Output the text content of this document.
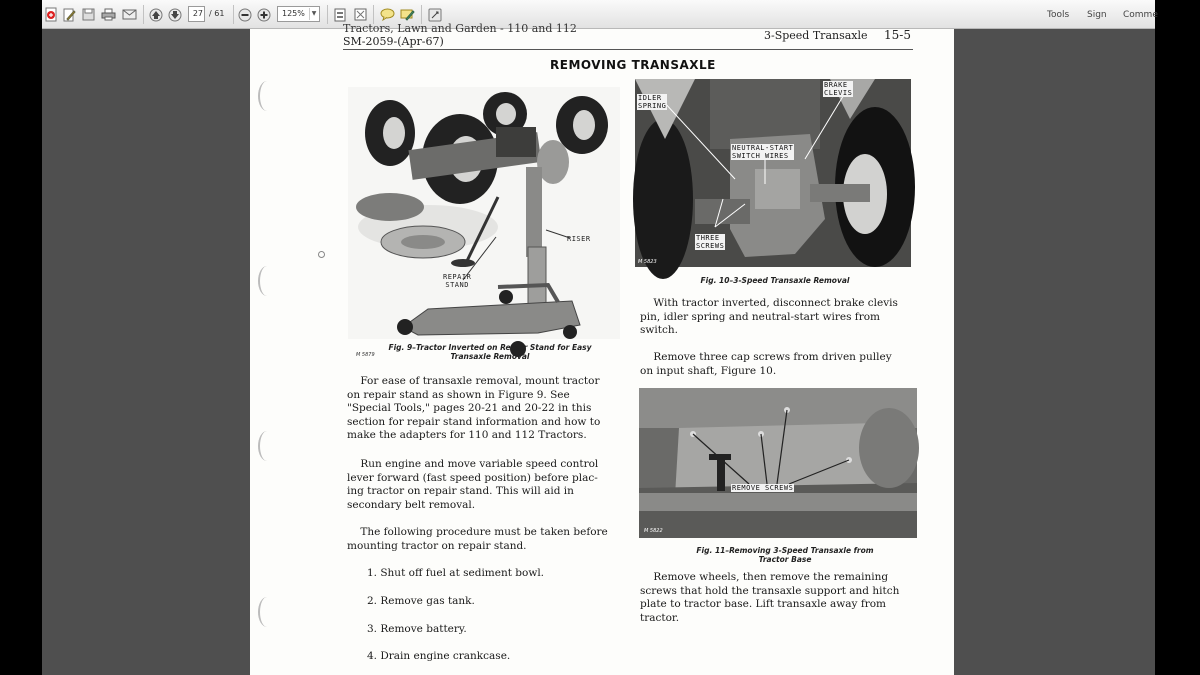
27 / 61	125%	▼	Tools Sign Comme
Tractors, Lawn and Garden - 110 and 112
SM-2059-(Apr-67)	3-Speed Transaxle 15-5
REMOVING TRANSAXLE
RISER
REPAIR
STAND
M 5879
Fig. 9–Tractor Inverted on Repair Stand for Easy
Transaxle Removal
IDLER
SPRING
BRAKE
CLEVIS
NEUTRAL-START
SWITCH WIRES
THREE
SCREWS
M 5823
Fig. 10–3-Speed Transaxle Removal
REMOVE SCREWS
M 5822
Fig. 11–Removing 3-Speed Transaxle from
Tractor Base
For ease of transaxle removal, mount tractor
on repair stand as shown in Figure 9. See
"Special Tools," pages 20-21 and 20-22 in this
section for repair stand information and how to
make the adapters for 110 and 112 Tractors.
Run engine and move variable speed control
lever forward (fast speed position) before plac-
ing tractor on repair stand. This will aid in
secondary belt removal.
The following procedure must be taken before
mounting tractor on repair stand.
1. Shut off fuel at sediment bowl.
2. Remove gas tank.
3. Remove battery.
4. Drain engine crankcase.
With tractor inverted, disconnect brake clevis
pin, idler spring and neutral-start wires from
switch.
Remove three cap screws from driven pulley
on input shaft, Figure 10.
Remove wheels, then remove the remaining
screws that hold the transaxle support and hitch
plate to tractor base. Lift transaxle away from
tractor.
